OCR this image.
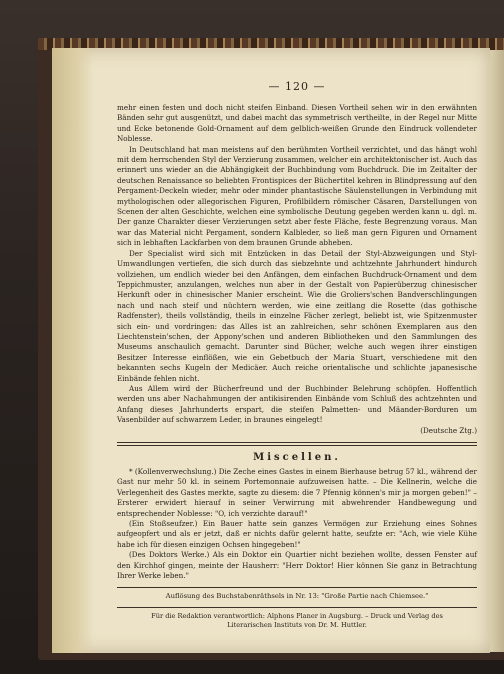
— 120 —

mehr einen festen und doch nicht steifen Einband. Diesen Vortheil sehen wir in den erwähnten Bänden sehr gut ausgenützt, und dabei macht das symmetrisch vertheilte, in der Regel nur Mitte und Ecke betonende Gold-Ornament auf dem gelblich-weißen Grunde den Eindruck vollendeter Noblesse.

In Deutschland hat man meistens auf den berühmten Vortheil verzichtet, und das hängt wohl mit dem herrschenden Styl der Verzierung zusammen, welcher ein architektonischer ist. Auch das erinnert uns wieder an die Abhängigkeit der Buchbindung vom Buchdruck. Die im Zeitalter der deutschen Renaissance so beliebten Frontispices der Büchertitel kehren in Blindpressung auf den Pergament-Deckeln wieder, mehr oder minder phantastische Säulenstellungen in Verbindung mit mythologischen oder allegorischen Figuren, Profilbildern römischer Cäsaren, Darstellungen von Scenen der alten Geschichte, welchen eine symbolische Deutung gegeben werden kann u. dgl. m. Der ganze Charakter dieser Verzierungen setzt aber feste Fläche, feste Begrenzung voraus. Man war das Material nicht Pergament, sondern Kalbleder, so ließ man gern Figuren und Ornament sich in lebhaften Lackfarben von dem braunen Grunde abheben.

Der Specialist wird sich mit Entzücken in das Detail der Styl-Abzweigungen und Styl-Umwandlungen vertiefen, die sich durch das siebzehnte und achtzehnte Jahrhundert hindurch vollziehen, um endlich wieder bei den Anfängen, dem einfachen Buchdruck-Ornament und dem Teppichmuster, anzulangen, welches nun aber in der Gestalt von Papierüberzug chinesischer Herkunft oder in chinesischer Manier erscheint. Wie die Groliers'schen Bandverschlingungen nach und nach steif und nüchtern werden, wie eine zeitlang die Rosette (das gothische Radfenster), theils vollständig, theils in einzelne Fächer zerlegt, beliebt ist, wie Spitzenmuster sich ein- und vordringen: das Alles ist an zahlreichen, sehr schönen Exemplaren aus den Liechtenstein'schen, der Appony'schen und anderen Bibliotheken und den Sammlungen des Museums anschaulich gemacht. Darunter sind Bücher, welche auch wegen ihrer einstigen Besitzer Interesse einflößen, wie ein Gebetbuch der Maria Stuart, verschiedene mit den bekannten sechs Kugeln der Medicäer. Auch reiche orientalische und schlichte japanesische Einbände fehlen nicht.

Aus Allem wird der Bücherfreund und der Buchbinder Belehrung schöpfen. Hoffentlich werden uns aber Nachahmungen der antikisirenden Einbände vom Schluß des achtzehnten und Anfang dieses Jahrhunderts erspart, die steifen Palmetten- und Mäander-Borduren um Vasenbilder auf schwarzem Leder, in braunes eingelegt!

(Deutsche Ztg.)
Miscellen.

* (Kollenverwechslung.) Die Zeche eines Gastes in einem Bierhause betrug 57 kl., während der Gast nur mehr 50 kl. in seinem Portemonnaie aufzuweisen hatte. – Die Kellnerin, welche die Verlegenheit des Gastes merkte, sagte zu diesem: die 7 Pfennig können's mir ja morgen geben!" – Ersterer erwidert hierauf in seiner Verwirrung mit abwehrender Handbewegung und entsprechender Noblesse: "O, ich verzichte darauf!"

(Ein Stoßseufzer.) Ein Bauer hatte sein ganzes Vermögen zur Erziehung eines Sohnes aufgeopfert und als er jetzt, daß er nichts dafür gelernt hatte, seufzte er: "Ach, wie viele Kühe habe ich für diesen einzigen Ochsen hingegeben!"

(Des Doktors Werke.) Als ein Doktor ein Quartier nicht beziehen wollte, dessen Fenster auf den Kirchhof gingen, meinte der Hausherr: "Herr Doktor! Hier können Sie ganz in Betrachtung Ihrer Werke leben."

Auflösung des Buchstabenräthsels in Nr. 13: "Große Partie nach Chiemsee."
Für die Redaktion verantwortlich: Alphons Planer in Augsburg. – Druck und Verlag des
Literarischen Instituts von Dr. M. Huttler.
